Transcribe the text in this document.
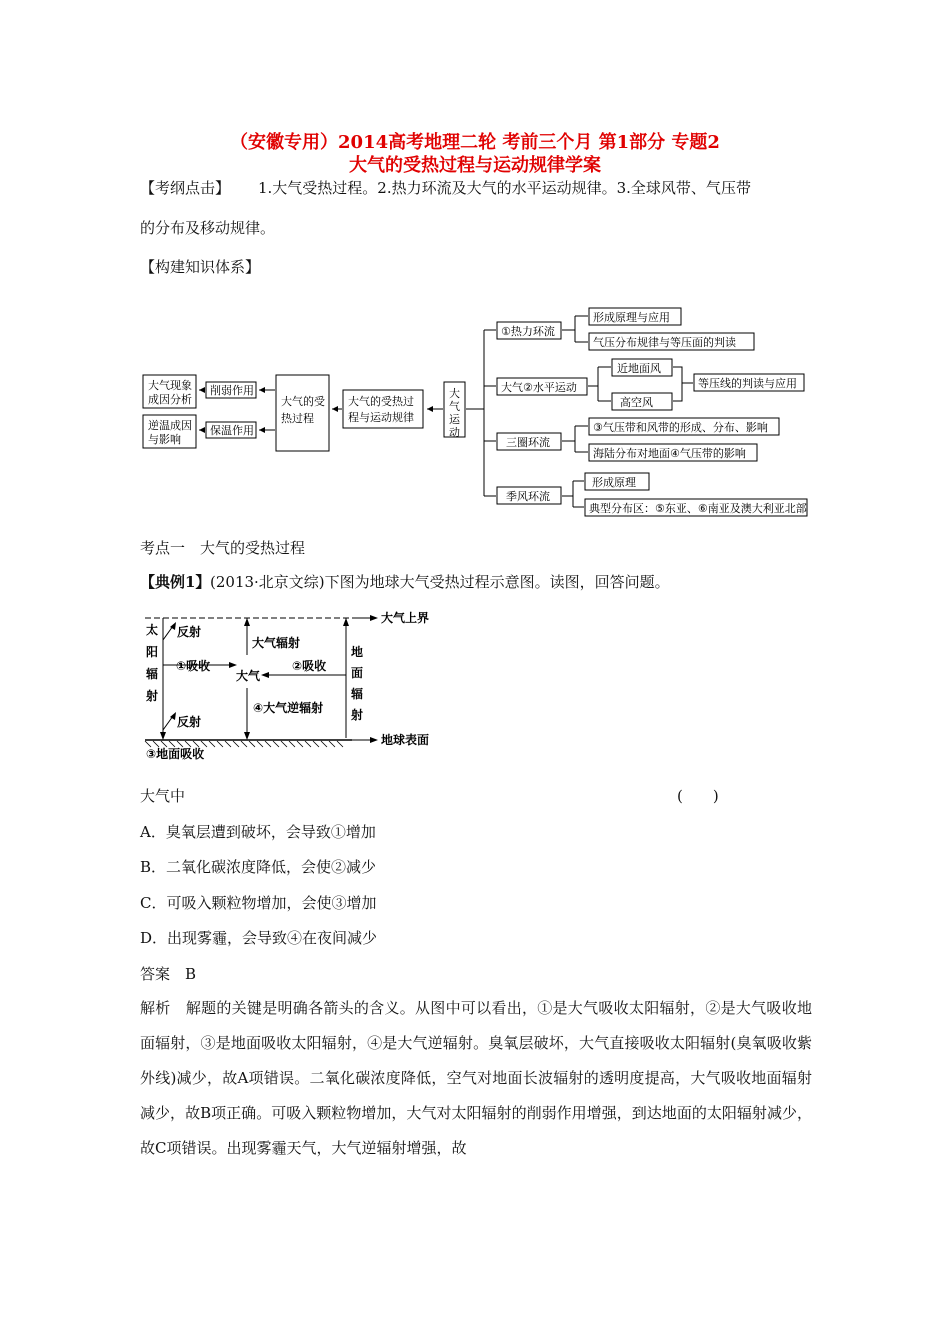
（安徽专用）2014高考地理二轮 考前三个月 第1部分 专题2
大气的受热过程与运动规律学案
【考纲点击】 1.大气受热过程。2.热力环流及大气的水平运动规律。3.全球风带、气压带
的分布及移动规律。
【构建知识体系】
大气现象
成因分析
逆温成因
与影响
削弱作用
保温作用
大气的受
热过程
大气的受热过
程与运动规律
大
气
运
动
①热力环流
形成原理与应用
气压分布规律与等压面的判读
大气②水平运动
近地面风
高空风
等压线的判读与应用
三圈环流
③气压带和风带的形成、分布、影响
海陆分布对地面④气压带的影响
季风环流
形成原理
典型分布区：⑤东亚、⑥南亚及澳大利亚北部
考点一　大气的受热过程
【典例1】 (2013·北京文综)下图为地球大气受热过程示意图。读图，回答问题。
大气上界
地球表面
太
阳
辐
射
地
面
辐
射
反射
反射
大气辐射
①吸收	②吸收
大气
④大气逆辐射
③地面吸收
大气中	(　　)
A．臭氧层遭到破坏，会导致①增加
B．二氧化碳浓度降低，会使②减少
C．可吸入颗粒物增加，会使③增加
D．出现雾霾，会导致④在夜间减少
答案　B
解析　解题的关键是明确各箭头的含义。从图中可以看出，①是大气吸收太阳辐射，②是大气吸收地面辐射，③是地面吸收太阳辐射，④是大气逆辐射。臭氧层破坏，大气直接吸收太阳辐射(臭氧吸收紫外线)减少，故A项错误。二氧化碳浓度降低，空气对地面长波辐射的透明度提高，大气吸收地面辐射减少，故B项正确。可吸入颗粒物增加，大气对太阳辐射的削弱作用增强，到达地面的太阳辐射减少，故C项错误。出现雾霾天气，大气逆辐射增强，故
